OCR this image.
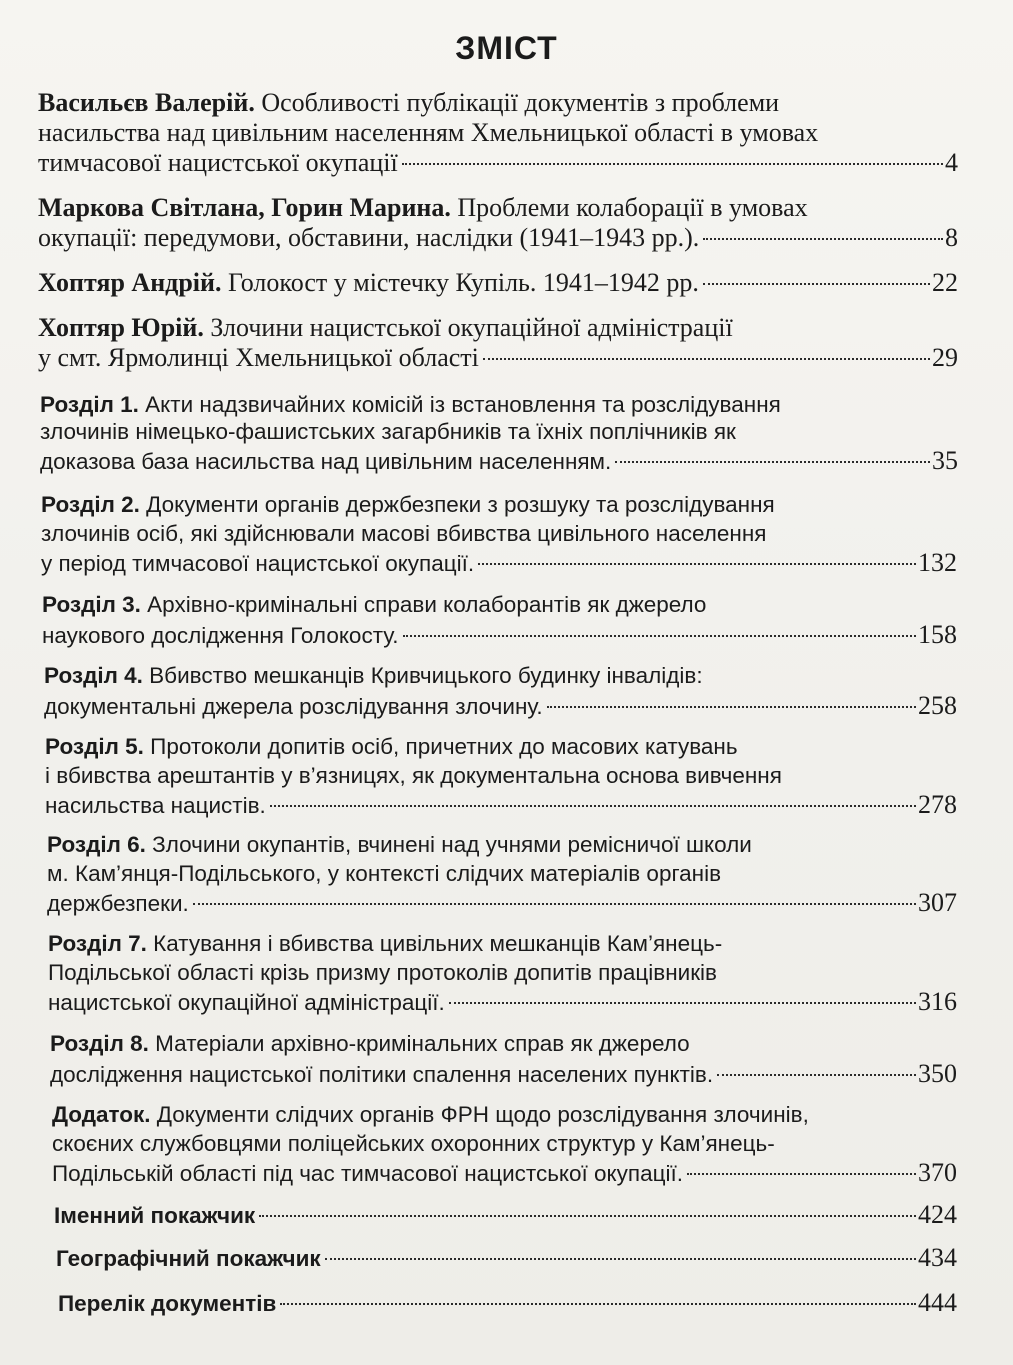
ЗМІСТ
Васильєв Валерій. Особливості публікації документів з проблеми
насильства над цивільним населенням Хмельницької області в умовах
тимчасової нацистської окупації	4
Маркова Світлана, Горин Марина. Проблеми колаборації в умовах
окупації: передумови, обставини, наслідки (1941–1943 рр.).	8
Хоптяр Андрій. Голокост у містечку Купіль. 1941–1942 рр.	22
Хоптяр Юрій. Злочини нацистської окупаційної адміністрації
у смт. Ярмолинці Хмельницької області	29
Розділ 1. Акти надзвичайних комісій із встановлення та розслідування
злочинів німецько-фашистських загарбників та їхніх поплічників як
доказова база насильства над цивільним населенням.	35
Розділ 2. Документи органів держбезпеки з розшуку та розслідування
злочинів осіб, які здійснювали масові вбивства цивільного населення
у період тимчасової нацистської окупації.	132
Розділ 3. Архівно-кримінальні справи колаборантів як джерело
наукового дослідження Голокосту.	158
Розділ 4. Вбивство мешканців Кривчицького будинку інвалідів:
документальні джерела розслідування злочину.	258
Розділ 5. Протоколи допитів осіб, причетних до масових катувань
і вбивства арештантів у в’язницях, як документальна основа вивчення
насильства нацистів.	278
Розділ 6. Злочини окупантів, вчинені над учнями ремісничої школи
м. Кам’янця-Подільського, у контексті слідчих матеріалів органів
держбезпеки.	307
Розділ 7. Катування і вбивства цивільних мешканців Кам’янець-
Подільської області крізь призму протоколів допитів працівників
нацистської окупаційної адміністрації.	316
Розділ 8. Матеріали архівно-кримінальних справ як джерело
дослідження нацистської політики спалення населених пунктів.	350
Додаток. Документи слідчих органів ФРН щодо розслідування злочинів,
скоєних службовцями поліцейських охоронних структур у Кам’янець-
Подільській області під час тимчасової нацистської окупації.	370
Іменний покажчик	424
Географічний покажчик	434
Перелік документів	444
